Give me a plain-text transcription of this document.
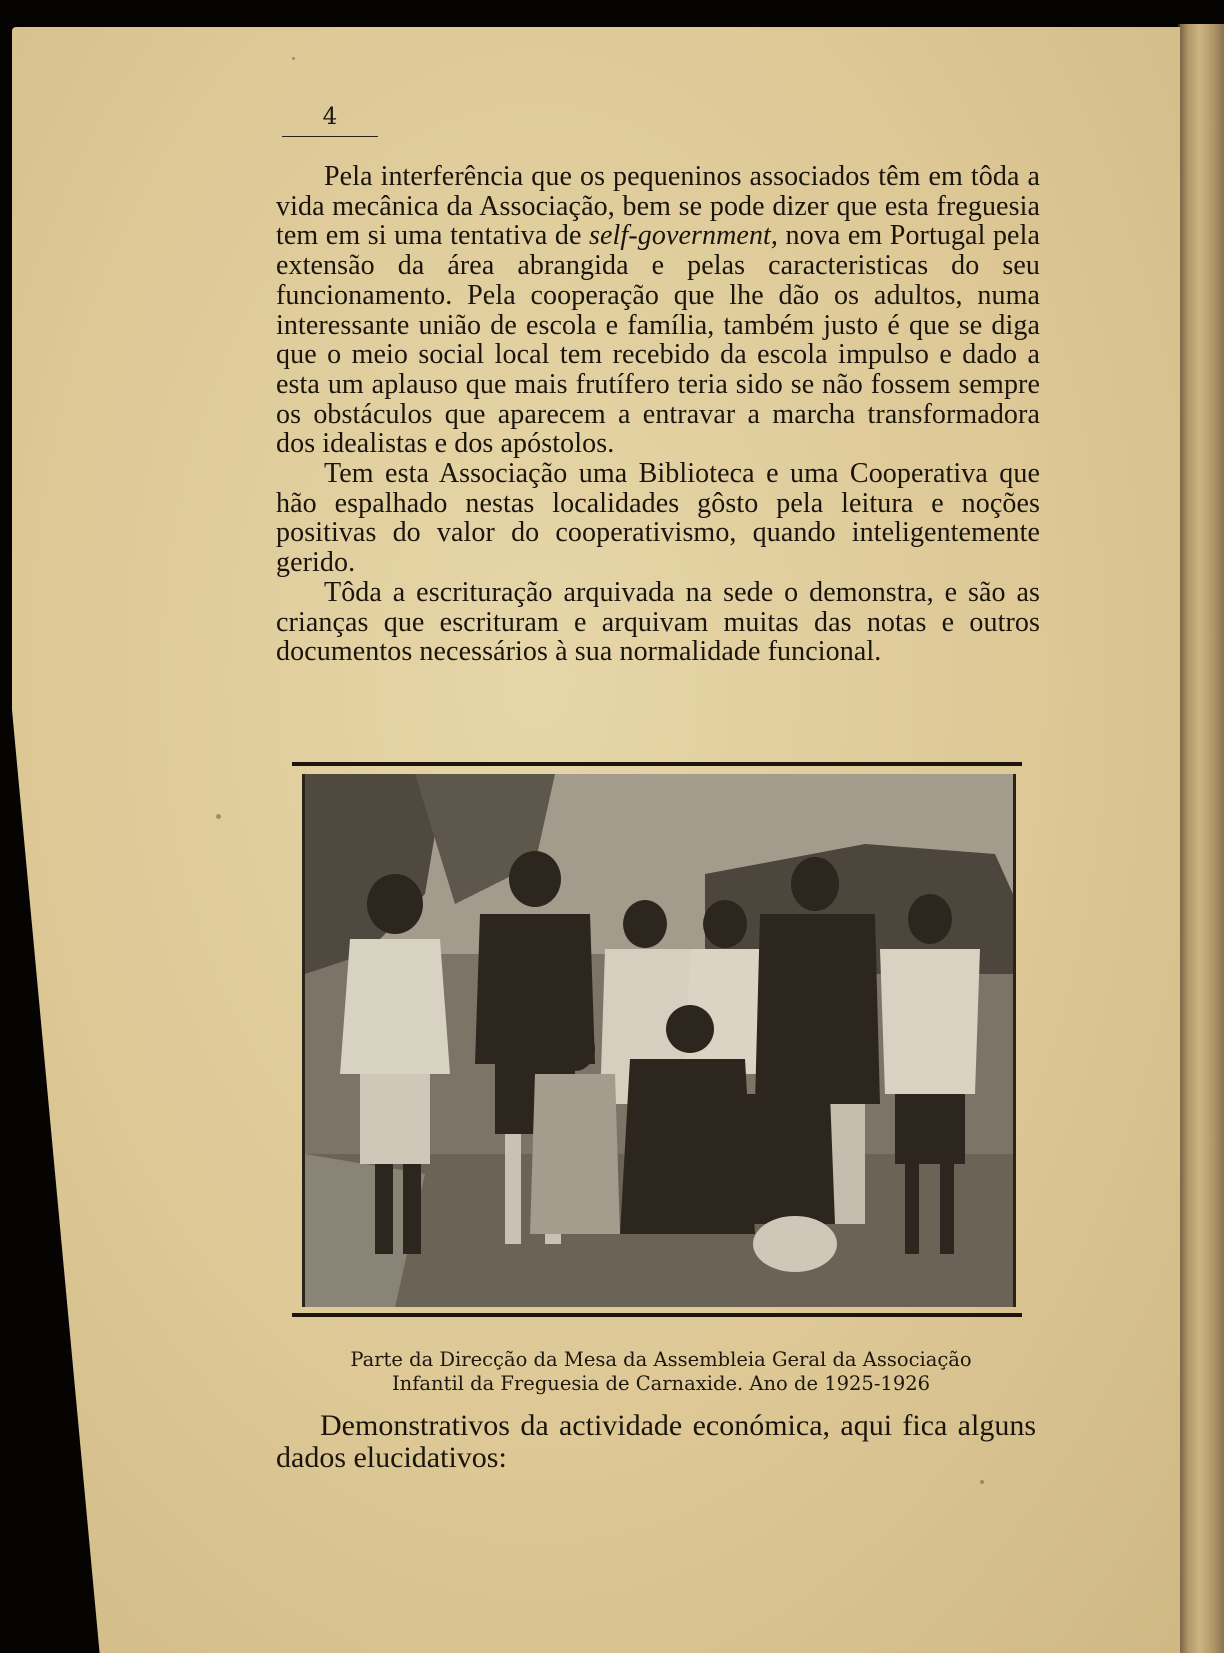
4

Pela interferência que os pequeninos associados têm em tôda a vida mecânica da Associação, bem se pode dizer que esta freguesia tem em si uma tentativa de self-government, nova em Portugal pela extensão da área abrangida e pelas caracteristicas do seu funcionamento. Pela cooperação que lhe dão os adultos, numa interessante união de escola e família, também justo é que se diga que o meio social local tem recebido da escola impulso e dado a esta um aplauso que mais frutífero teria sido se não fossem sempre os obstáculos que aparecem a entravar a marcha transformadora dos idealistas e dos apóstolos.

Tem esta Associação uma Biblioteca e uma Cooperativa que hão espalhado nestas localidades gôsto pela leitura e noções positivas do valor do cooperativismo, quando inteligentemente gerido.

Tôda a escrituração arquivada na sede o demonstra, e são as crianças que escrituram e arquivam muitas das notas e outros documentos necessários à sua normalidade funcional.

Parte da Direcção da Mesa da Assembleia Geral da Associação
Infantil da Freguesia de Carnaxide. Ano de 1925-1926

Demonstrativos da actividade económica, aqui fica alguns dados elucidativos:
